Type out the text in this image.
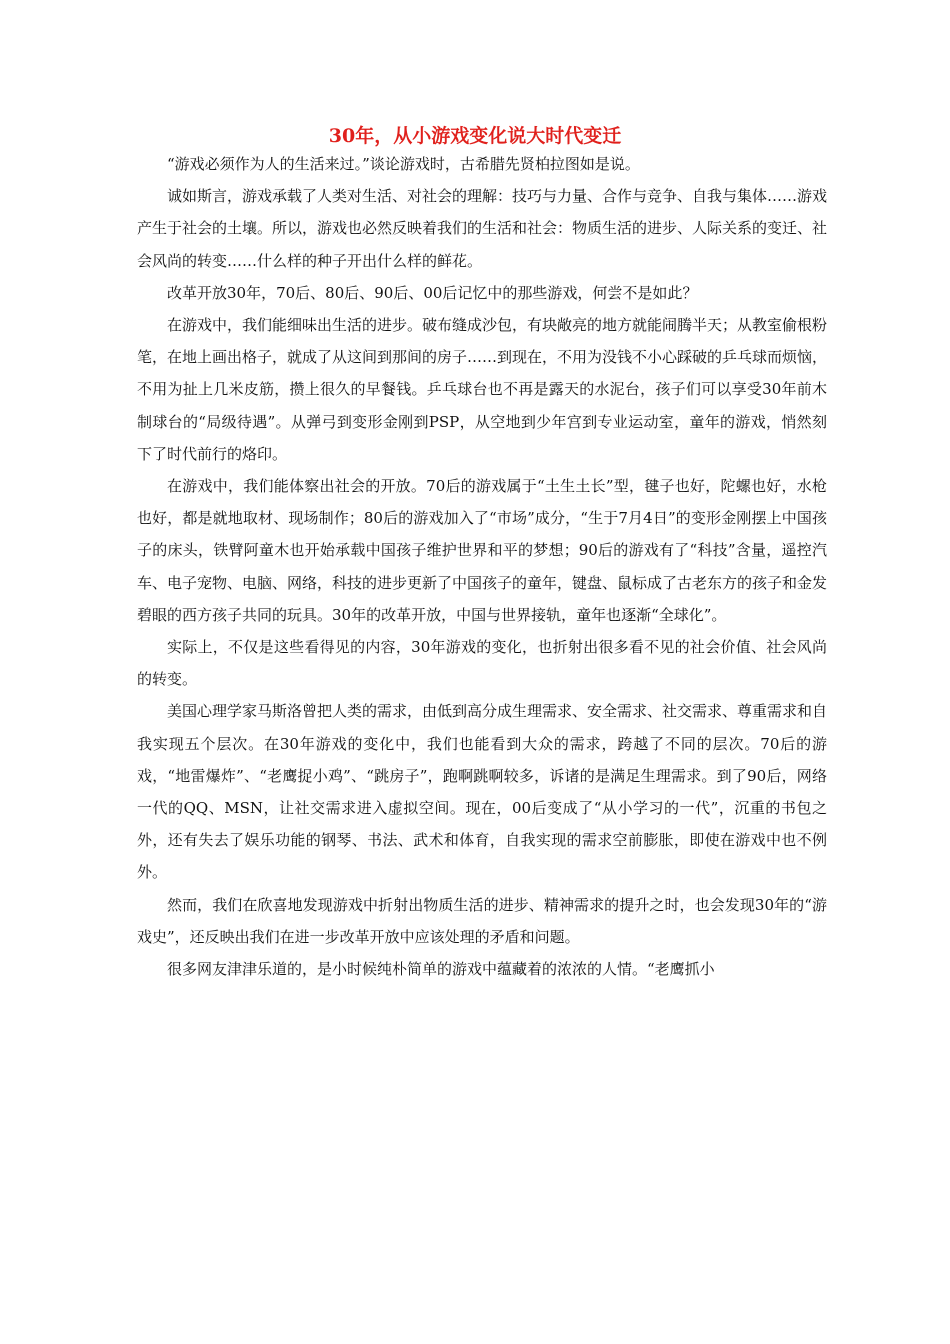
30年，从小游戏变化说大时代变迁

“游戏必须作为人的生活来过。”谈论游戏时，古希腊先贤柏拉图如是说。

诚如斯言，游戏承载了人类对生活、对社会的理解：技巧与力量、合作与竞争、自我与集体……游戏产生于社会的土壤。所以，游戏也必然反映着我们的生活和社会：物质生活的进步、人际关系的变迁、社会风尚的转变……什么样的种子开出什么样的鲜花。

改革开放30年，70后、80后、90后、00后记忆中的那些游戏，何尝不是如此？

在游戏中，我们能细味出生活的进步。破布缝成沙包，有块敞亮的地方就能闹腾半天；从教室偷根粉笔，在地上画出格子，就成了从这间到那间的房子……到现在，不用为没钱不小心踩破的乒乓球而烦恼，不用为扯上几米皮筋，攒上很久的早餐钱。乒乓球台也不再是露天的水泥台，孩子们可以享受30年前木制球台的“局级待遇”。从弹弓到变形金刚到PSP，从空地到少年宫到专业运动室，童年的游戏，悄然刻下了时代前行的烙印。

在游戏中，我们能体察出社会的开放。70后的游戏属于“土生土长”型，毽子也好，陀螺也好，水枪也好，都是就地取材、现场制作；80后的游戏加入了“市场”成分，“生于7月4日”的变形金刚摆上中国孩子的床头，铁臂阿童木也开始承载中国孩子维护世界和平的梦想；90后的游戏有了“科技”含量，遥控汽车、电子宠物、电脑、网络，科技的进步更新了中国孩子的童年，键盘、鼠标成了古老东方的孩子和金发碧眼的西方孩子共同的玩具。30年的改革开放，中国与世界接轨，童年也逐渐“全球化”。

实际上，不仅是这些看得见的内容，30年游戏的变化，也折射出很多看不见的社会价值、社会风尚的转变。

美国心理学家马斯洛曾把人类的需求，由低到高分成生理需求、安全需求、社交需求、尊重需求和自我实现五个层次。在30年游戏的变化中，我们也能看到大众的需求，跨越了不同的层次。70后的游戏，“地雷爆炸”、“老鹰捉小鸡”、“跳房子”，跑啊跳啊较多，诉诸的是满足生理需求。到了90后，网络一代的QQ、MSN，让社交需求进入虚拟空间。现在，00后变成了“从小学习的一代”，沉重的书包之外，还有失去了娱乐功能的钢琴、书法、武术和体育，自我实现的需求空前膨胀，即使在游戏中也不例外。

然而，我们在欣喜地发现游戏中折射出物质生活的进步、精神需求的提升之时，也会发现30年的“游戏史”，还反映出我们在进一步改革开放中应该处理的矛盾和问题。

很多网友津津乐道的，是小时候纯朴简单的游戏中蕴藏着的浓浓的人情。“老鹰抓小
